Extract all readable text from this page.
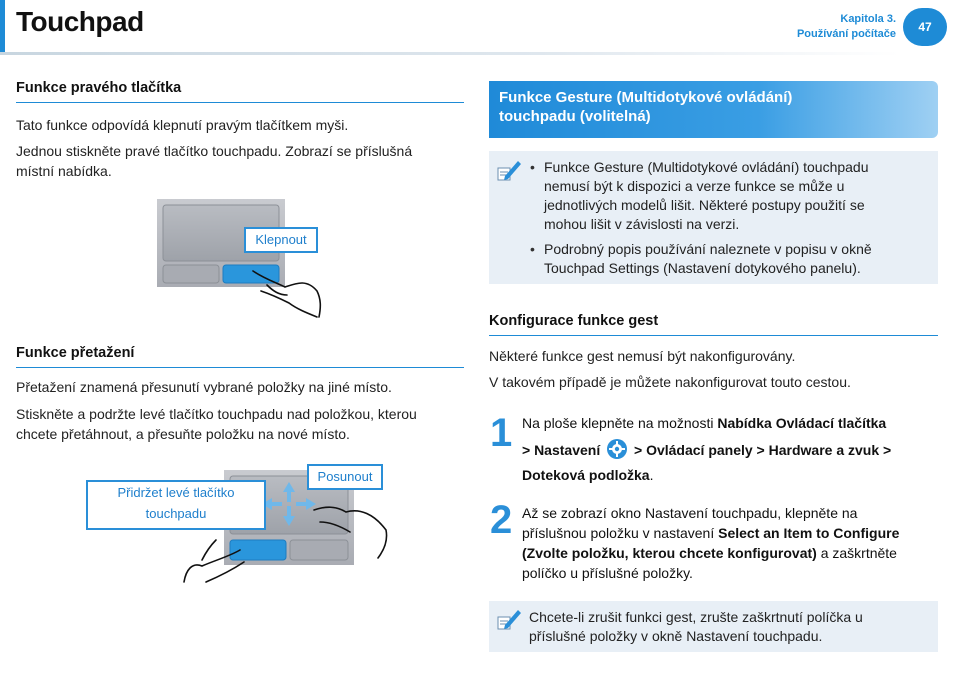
Touchpad	Kapitola 3.
Používání počítače	47
Funkce pravého tlačítka
Tato funkce odpovídá klepnutí pravým tlačítkem myši.
Jednou stiskněte pravé tlačítko touchpadu. Zobrazí se příslušná
místní nabídka.
Klepnout
Funkce přetažení
Přetažení znamená přesunutí vybrané položky na jiné místo.
Stiskněte a podržte levé tlačítko touchpadu nad položkou, kterou
chcete přetáhnout, a přesuňte položku na nové místo.
Přidržet levé tlačítko
touchpadu
Posunout
Funkce Gesture (Multidotykové ovládání)
touchpadu (volitelná)
• Funkce Gesture (Multidotykové ovládání) touchpadu
nemusí být k dispozici a verze funkce se může u
jednotlivých modelů lišit. Některé postupy použití se
mohou lišit v závislosti na verzi.
• Podrobný popis používání naleznete v popisu v okně
Touchpad Settings (Nastavení dotykového panelu).
Konfigurace funkce gest
Některé funkce gest nemusí být nakonfigurovány.
V takovém případě je můžete nakonfigurovat touto cestou.
1 Na ploše klepněte na možnosti Nabídka Ovládací tlačítka
> Nastavení > Ovládací panely > Hardware a zvuk >
Doteková podložka.
2 Až se zobrazí okno Nastavení touchpadu, klepněte na
příslušnou položku v nastavení Select an Item to Configure
(Zvolte položku, kterou chcete konfigurovat) a zaškrtněte
políčko u příslušné položky.
Chcete-li zrušit funkci gest, zrušte zaškrtnutí políčka u
příslušné položky v okně Nastavení touchpadu.
